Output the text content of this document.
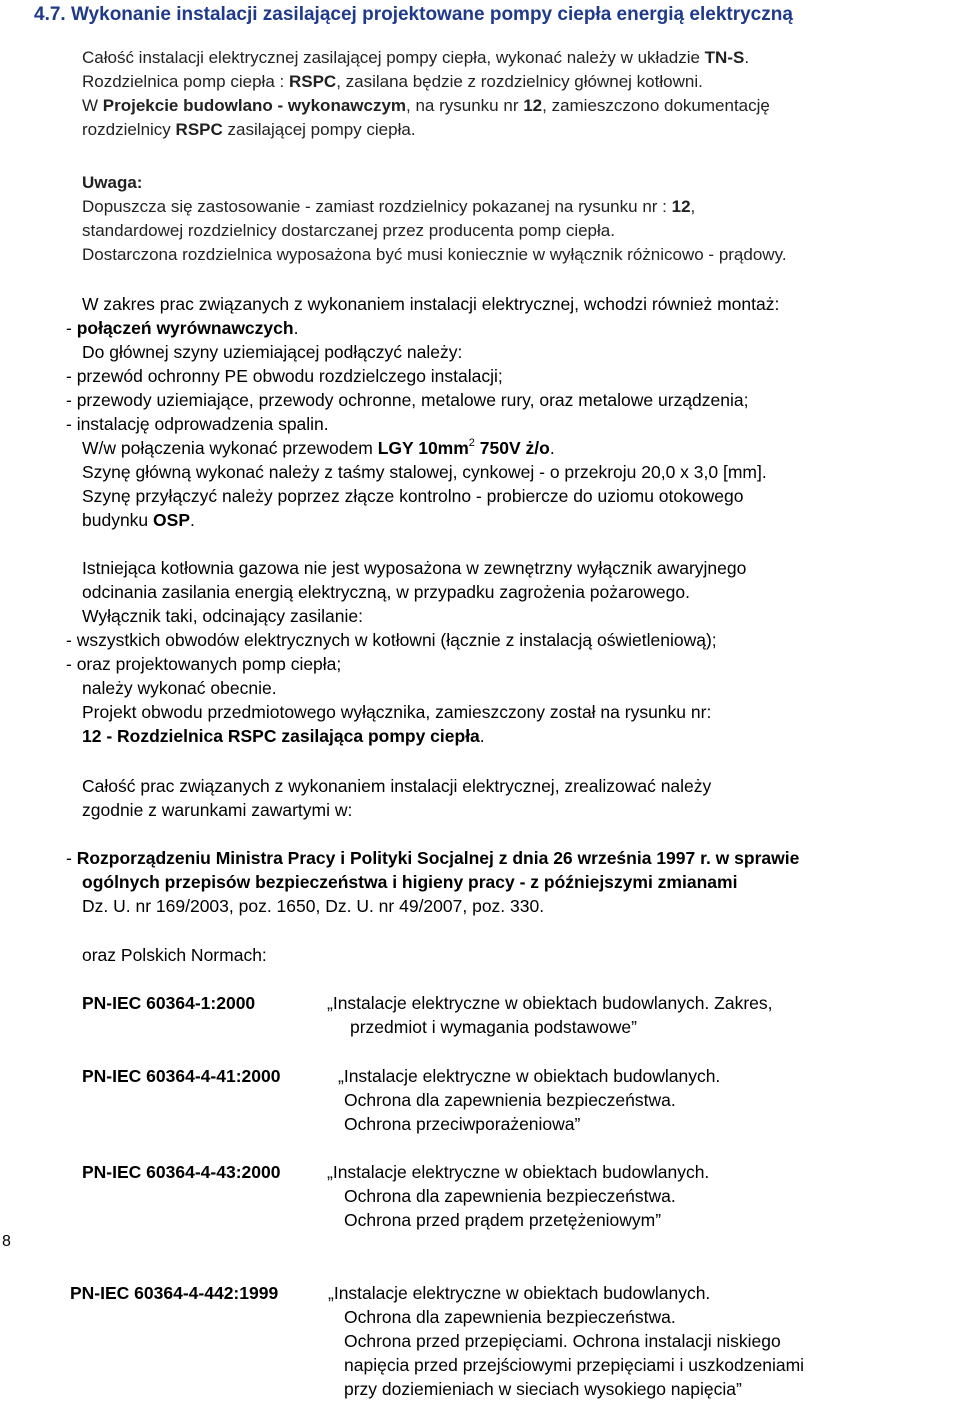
4.7. Wykonanie instalacji zasilającej projektowane pompy ciepła energią elektryczną

Całość instalacji elektrycznej zasilającej pompy ciepła, wykonać należy w układzie TN-S.

Rozdzielnica pomp ciepła : RSPC, zasilana będzie z rozdzielnicy głównej kotłowni.

W Projekcie budowlano - wykonawczym, na rysunku nr 12, zamieszczono dokumentację

rozdzielnicy RSPC zasilającej pompy ciepła.

Uwaga:

Dopuszcza się zastosowanie - zamiast rozdzielnicy pokazanej na rysunku nr : 12,

standardowej rozdzielnicy dostarczanej przez producenta pomp ciepła.

Dostarczona rozdzielnica wyposażona być musi koniecznie w wyłącznik różnicowo - prądowy.

W zakres prac związanych z wykonaniem instalacji elektrycznej, wchodzi również montaż:
- połączeń wyrównawczych.
Do głównej szyny uziemiającej podłączyć należy:
- przewód ochronny PE obwodu rozdzielczego instalacji;
- przewody uziemiające, przewody ochronne, metalowe rury, oraz metalowe urządzenia;
- instalację odprowadzenia spalin.
W/w połączenia wykonać przewodem LGY $10mm^2$ 750V ż/o.
Szynę główną wykonać należy z taśmy stalowej, cynkowej - o przekroju 20,0 x 3,0 [mm].
Szynę przyłączyć należy poprzez złącze kontrolno - probiercze do uziomu otokowego
budynku OSP.
Istniejąca kotłownia gazowa nie jest wyposażona w zewnętrzny wyłącznik awaryjnego
odcinania zasilania energią elektryczną, w przypadku zagrożenia pożarowego.
Wyłącznik taki, odcinający zasilanie:
- wszystkich obwodów elektrycznych w kotłowni (łącznie z instalacją oświetleniową);
- oraz projektowanych pomp ciepła;
należy wykonać obecnie.
Projekt obwodu przedmiotowego wyłącznika, zamieszczony został na rysunku nr:
12 - Rozdzielnica RSPC zasilająca pompy ciepła.
Całość prac związanych z wykonaniem instalacji elektrycznej, zrealizować należy
zgodnie z warunkami zawartymi w:
- Rozporządzeniu Ministra Pracy i Polityki Socjalnej z dnia 26 września 1997 r. w sprawie
ogólnych przepisów bezpieczeństwa i higieny pracy - z późniejszymi zmianami
Dz. U. nr 169/2003, poz. 1650, Dz. U. nr 49/2007, poz. 330.
oraz Polskich Normach:
PN-IEC 60364-1:2000	„Instalacje elektryczne w obiektach budowlanych. Zakres,
przedmiot i wymagania podstawowe”
PN-IEC 60364-4-41:2000	„Instalacje elektryczne w obiektach budowlanych.
Ochrona dla zapewnienia bezpieczeństwa.
Ochrona przeciwporażeniowa”
PN-IEC 60364-4-43:2000	„Instalacje elektryczne w obiektach budowlanych.
Ochrona dla zapewnienia bezpieczeństwa.
Ochrona przed prądem przetężeniowym”
PN-IEC 60364-4-442:1999	„Instalacje elektryczne w obiektach budowlanych.
Ochrona dla zapewnienia bezpieczeństwa.
Ochrona przed przepięciami. Ochrona instalacji niskiego
napięcia przed przejściowymi przepięciami i uszkodzeniami
przy doziemieniach w sieciach wysokiego napięcia”
8
